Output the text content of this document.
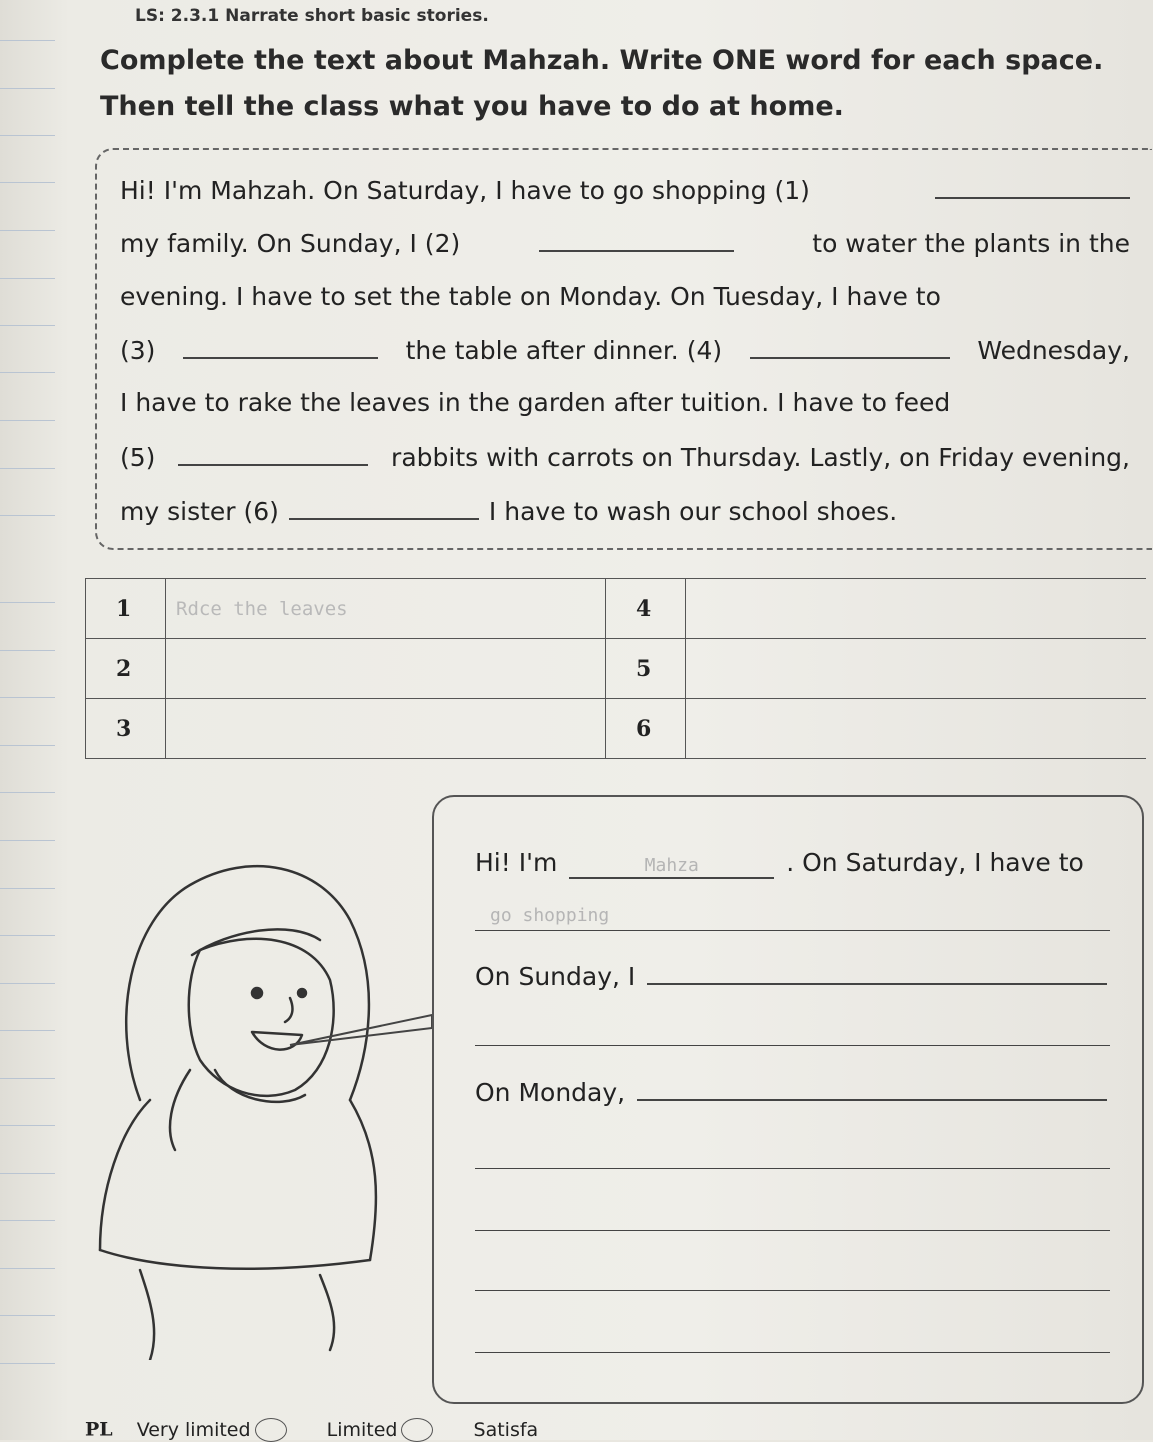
LS: 2.3.1 Narrate short basic stories.
Complete the text about Mahzah. Write ONE word for each space. Then tell the class what you have to do at home.
Hi! I'm Mahzah. On Saturday, I have to go shopping (1)
my family. On Sunday, I (2)	to water the plants in the
evening. I have to set the table on Monday. On Tuesday, I have to
(3)	the table after dinner. (4)	Wednesday,
I have to rake the leaves in the garden after tuition. I have to feed
(5)	rabbits with carrots on Thursday. Lastly, on Friday evening,
my sister (6)	I have to wash our school shoes.
1	Rdce the leaves	4	
2		5	
3		6	
Hi! I'm	Mahza	. On Saturday, I have to
go shopping
On Sunday, I
On Monday,
PL Very limited	Limited	Satisfa
